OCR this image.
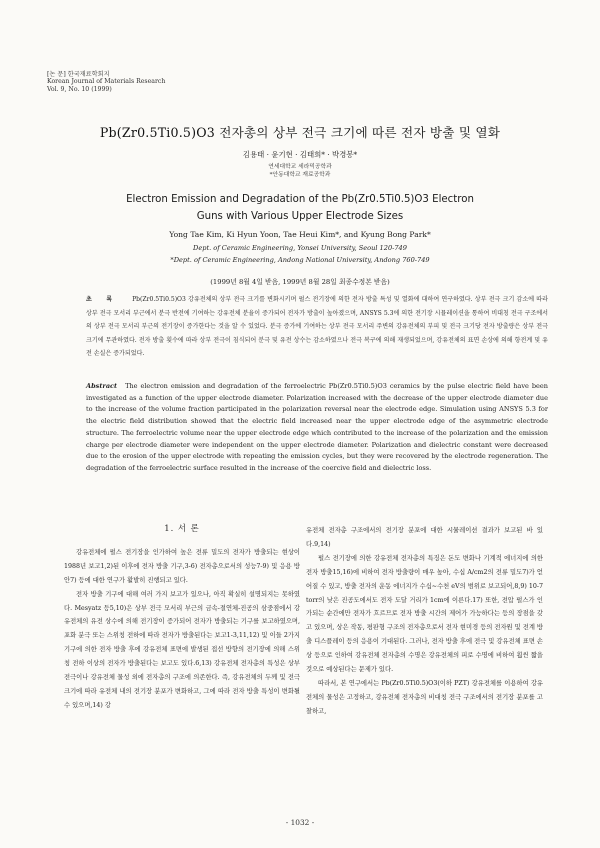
[논 문] 한국재료학회지
Korean Journal of Materials Research
Vol. 9, No. 10 (1999)
Pb(Zr0.5Ti0.5)O3 전자총의 상부 전극 크기에 따른 전자 방출 및 열화
김용태 · 윤기현 · 김태희* · 박경봉*
연세대학교 세라믹공학과
*안동대학교 재료공학과
Electron Emission and Degradation of the Pb(Zr0.5Ti0.5)O3 Electron
Guns with Various Upper Electrode Sizes
Yong Tae Kim, Ki Hyun Yoon, Tae Heui Kim*, and Kyung Bong Park*
Dept. of Ceramic Engineering, Yonsei University, Seoul 120-749
*Dept. of Ceramic Engineering, Andong National University, Andong 760-749
(1999년 8월 4일 받음, 1999년 8월 28일 최종수정본 받음)
초 록 Pb(Zr0.5Ti0.5)O3 강유전체의 상부 전극 크기를 변화시키며 펄스 전기장에 의한 전자 방출 특성 및 열화에 대하여 연구하였다. 상부 전극 크기 감소에 따라 상부 전극 모서리 부근에서 분극 반전에 기여하는 강유전체 분율이 증가되어 전자가 방출이 높아졌으며, ANSYS 5.3에 의한 전기장 시뮬레이션을 통하여 비대칭 전극 구조에서의 상부 전극 모서리 부근의 전기장이 증가한다는 것을 알 수 있었다. 분극 증가에 기여하는 상부 전극 모서리 주변의 강유전체의 부피 및 전극 크기당 전자 방출량은 상부 전극 크기에 무관하였다. 전자 방출 횟수에 따라 상부 전극이 침식되어 분극 및 유전 상수는 감소하였으나 전극 복구에 의해 재생되었으며, 강유전체의 표면 손상에 의해 항전계 및 유전 손실은 증가되었다.
Abstract The electron emission and degradation of the ferroelectric Pb(Zr0.5Ti0.5)O3 ceramics by the pulse electric field have been investigated as a function of the upper electrode diameter. Polarization increased with the decrease of the upper electrode diameter due to the increase of the volume fraction participated in the polarization reversal near the electrode edge. Simulation using ANSYS 5.3 for the electric field distribution showed that the electric field increased near the upper electrode edge of the asymmetric electrode structure. The ferroelectric volume near the upper electrode edge which contributed to the increase of the polarization and the emission charge per electrode diameter were independent on the upper electrode diameter. Polarization and dielectric constant were decreased due to the erosion of the upper electrode with repeating the emission cycles, but they were recovered by the electrode regeneration. The degradation of the ferroelectric surface resulted in the increase of the coercive field and dielectric loss.
1. 서 론

강유전체에 펄스 전기장을 인가하여 높은 전류 밀도의 전자가 방출되는 현상이 1988년 보고1,2)된 이후에 전자 방출 기구,3-6) 전자총으로서의 성능7-9) 및 응용 방안7) 등에 대한 연구가 활발히 진행되고 있다.

전자 방출 기구에 대해 여러 가지 보고가 있으나, 아직 확실히 설명되지는 못하였다. Mesyatz 등5,10)은 상부 전극 모서리 부근의 금속-절연체-진공의 삼중점에서 강유전체의 유전 상수에 의해 전기장이 증가되어 전자가 방출되는 기구를 보고하였으며, 포화 분극 또는 스위칭 전하에 따라 전자가 방출된다는 보고1-3,11,12) 및 이들 2가지 기구에 의한 전자 방출 후에 강유전체 표면에 발생된 접선 방향의 전기장에 의해 스위칭 전하 이상의 전자가 방출된다는 보고도 있다.6,13) 강유전체 전자총의 특성은 상부 전극이나 강유전체 물성 외에 전자총의 구조에 의존한다. 즉, 강유전체의 두께 및 전극 크기에 따라 유전체 내의 전기장 분포가 변화하고, 그에 따라 전자 방출 특성이 변화될 수 있으며,14) 강

유전체 전자총 구조에서의 전기장 분포에 대한 시뮬레이션 결과가 보고된 바 있다.9,14)

펄스 전기장에 의한 강유전체 전자총의 특징은 돈도 변화나 기계적 에너지에 의한 전자 방출15,16)에 비하여 전자 방출량이 매우 높아, 수십 A/cm2의 전류 밀도7)가 얻어질 수 있고, 방출 전자의 운동 에너지가 수십~수천 eV의 범위로 보고되어,8,9) 10-7 torr의 낮은 진공도에서도 전자 도달 거리가 1cm에 이른다.17) 또한, 전압 펄스가 인가되는 순간에만 전자가 흐르므로 전자 방출 시간의 제어가 가능하다는 등의 장점을 갖고 있으며, 상은 작동, 평판형 구조의 전자총으로서 전자 현미경 등의 전자원 및 전계 방출 디스플레이 등의 응용이 기대된다. 그러나, 전자 방출 후에 전극 및 강유전체 표면 손상 등으로 인하여 강유전체 전자총의 수명은 강유전체의 피로 수명에 비하여 훨씬 짧을 것으로 예상된다는 문제가 있다.

따라서, 본 연구에서는 Pb(Zr0.5Ti0.5)O3(이하 PZT) 강유전체를 이용하여 강유전체의 물성은 고정하고, 강유전체 전자총의 비대칭 전극 구조에서의 전기장 분포를 고찰하고,

- 1032 -
